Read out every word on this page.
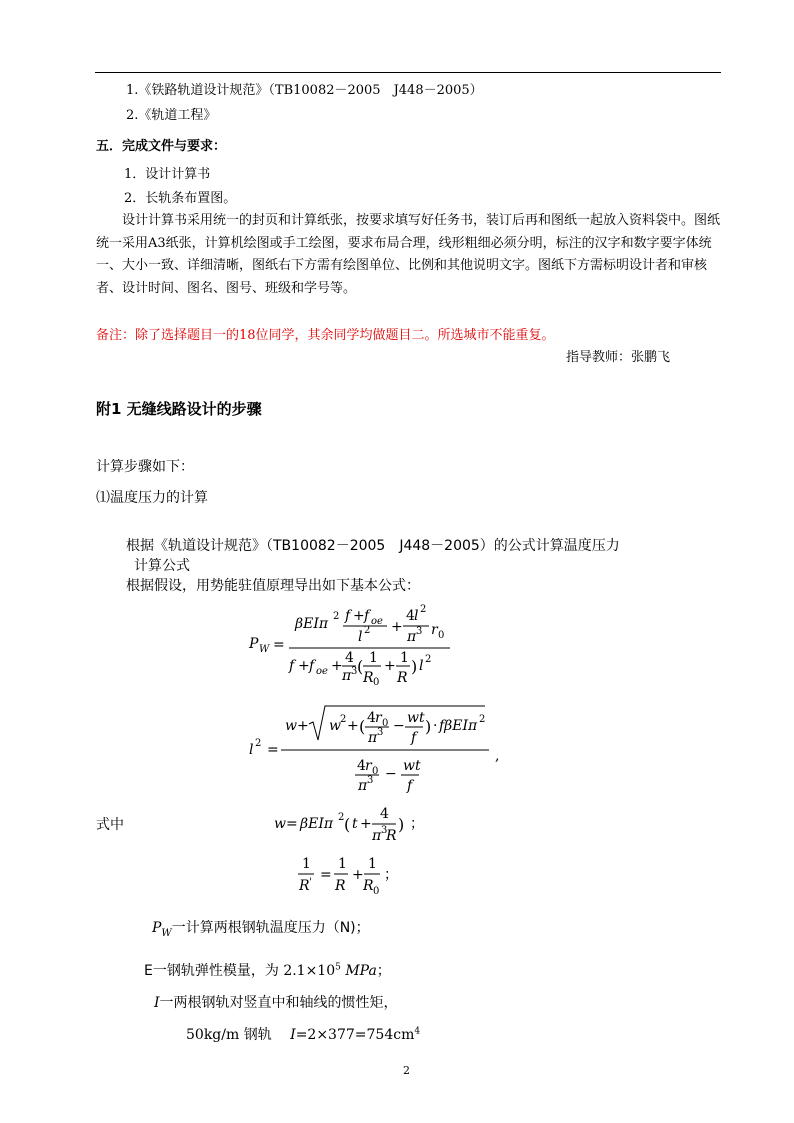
1.《铁路轨道设计规范》（TB10082－2005　J448－2005）
2.《轨道工程》
五．完成文件与要求：
1．设计计算书
2．长轨条布置图。
设计计算书采用统一的封页和计算纸张，按要求填写好任务书，装订后再和图纸一起放入资料袋中。图纸统一采用A3纸张，计算机绘图或手工绘图，要求布局合理，线形粗细必须分明，标注的汉字和数字要字体统一、大小一致、详细清晰，图纸右下方需有绘图单位、比例和其他说明文字。图纸下方需标明设计者和审核者、设计时间、图名、图号、班级和学号等。
备注：除了选择题目一的18位同学，其余同学均做题目二。所选城市不能重复。
指导教师：张鹏飞
附1 无缝线路设计的步骤
计算步骤如下：
⑴温度压力的计算
根据《轨道设计规范》（TB10082－2005　J448－2005）的公式计算温度压力
计算公式
根据假设，用势能驻值原理导出如下基本公式：
P W =
βEIπ 2 f + f oe
l 2 +
4 l 2
π 3 r 0
f + f oe + 4
π 3 ( 1
R 0
+ 1
R
) l 2
l 2 =
w + w 2 + ( 4 r 0
π 3 − wt
f
) · fβEIπ 2
4 r 0
π 3 − wt
f
,
式中	w = βEIπ 2 ( t +
4
π 3
R
) ；
1
R ' =
1
R
+
1
R 0
；
$P_W$一计算两根钢轨温度压力（N)；
E一钢轨弹性模量，为 $2.1\times 10^5$ MPa；
I一两根钢轨对竖直中和轴线的惯性矩，
50kg/m 钢轨 $I=2\times 377=754cm^4$
2
